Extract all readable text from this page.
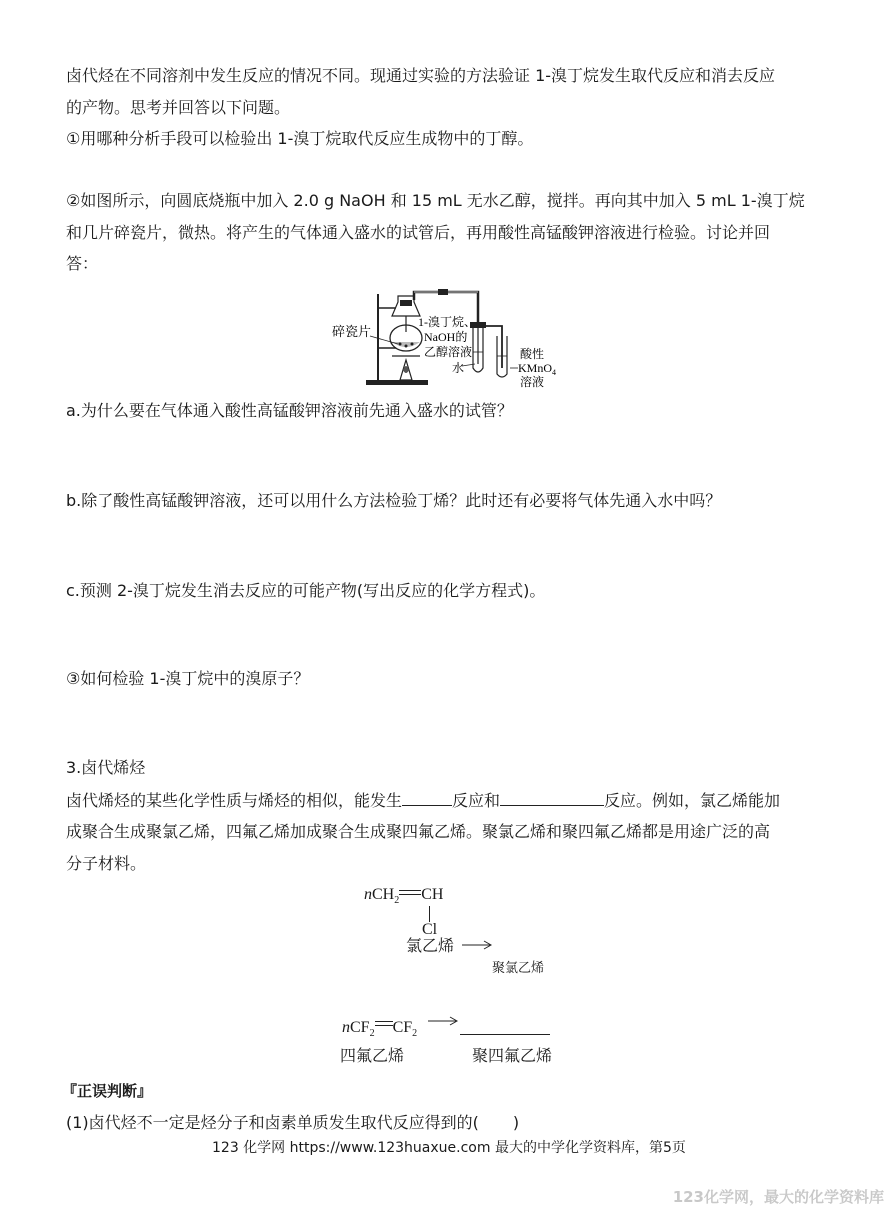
卤代烃在不同溶剂中发生反应的情况不同。现通过实验的方法验证 1-溴丁烷发生取代反应和消去反应
的产物。思考并回答以下问题。
①用哪种分析手段可以检验出 1-溴丁烷取代反应生成物中的丁醇。
②如图所示，向圆底烧瓶中加入 2.0 g NaOH 和 15 mL 无水乙醇，搅拌。再向其中加入 5 mL 1-溴丁烷
和几片碎瓷片，微热。将产生的气体通入盛水的试管后，再用酸性高锰酸钾溶液进行检验。讨论并回
答：
碎瓷片
1-溴丁烷、
NaOH的
乙醇溶液
水
酸性
KMnO$_4$
溶液
a.为什么要在气体通入酸性高锰酸钾溶液前先通入盛水的试管？
b.除了酸性高锰酸钾溶液，还可以用什么方法检验丁烯？此时还有必要将气体先通入水中吗？
c.预测 2-溴丁烷发生消去反应的可能产物(写出反应的化学方程式)。
③如何检验 1-溴丁烷中的溴原子？
3.卤代烯烃
卤代烯烃的某些化学性质与烯烃的相似，能发生	反应和	反应。例如，氯乙烯能加
成聚合生成聚氯乙烯，四氟乙烯加成聚合生成聚四氟乙烯。聚氯乙烯和聚四氟乙烯都是用途广泛的高
分子材料。
nCH$_2$ CH
Cl
氯乙烯
聚氯乙烯
nCF$_2$ $CF_2$
四氟乙烯	聚四氟乙烯
『正误判断』
(1)卤代烃不一定是烃分子和卤素单质发生取代反应得到的( )
123 化学网 https://www.123huaxue.com 最大的中学化学资料库，第5页
123化学网，最大的化学资料库
